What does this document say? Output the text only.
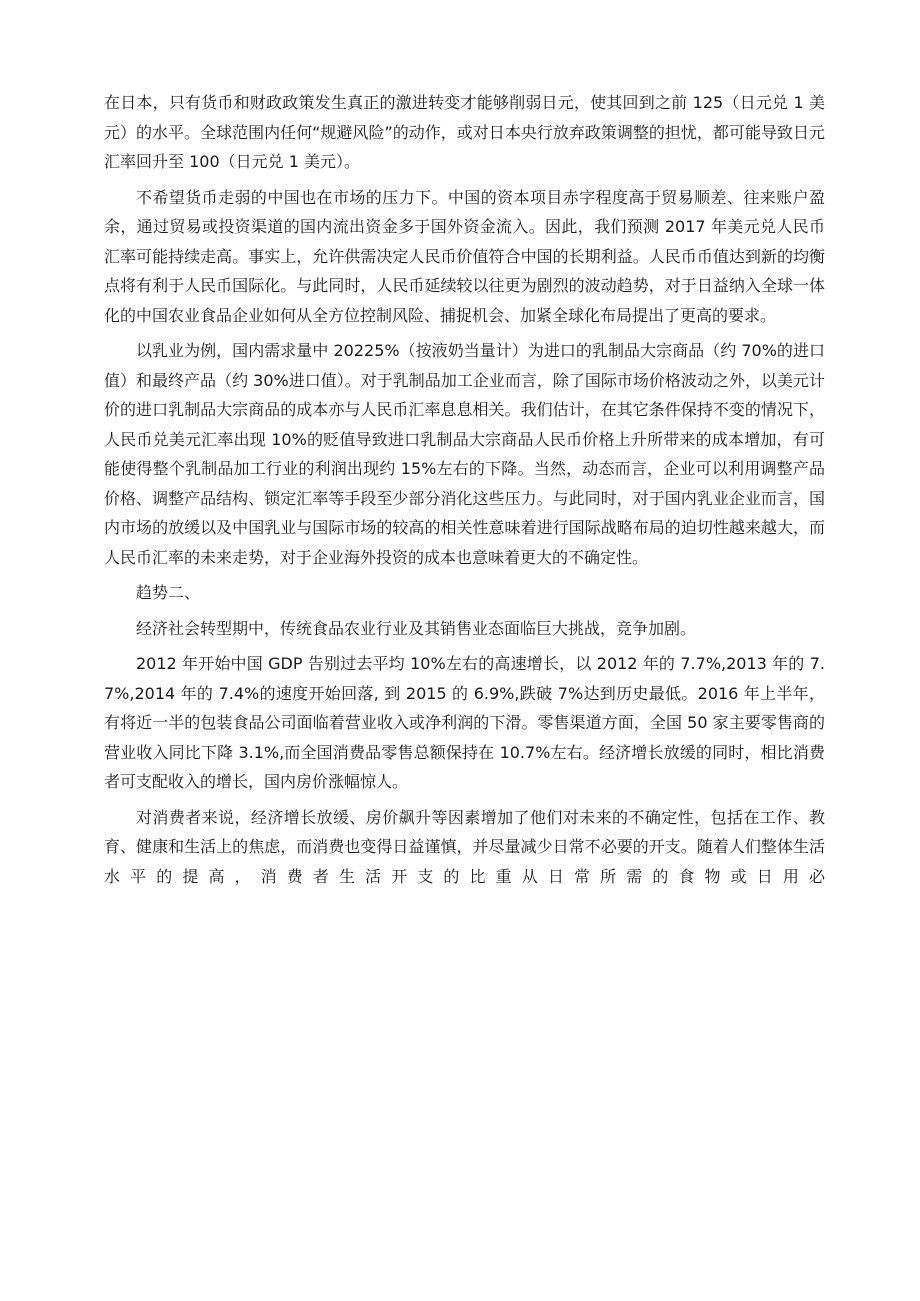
在日本，只有货币和财政政策发生真正的激进转变才能够削弱日元，使其回到之前 125（日元兑 1 美元）的水平。全球范围内任何“规避风险”的动作，或对日本央行放弃政策调整的担忧，都可能导致日元汇率回升至 100（日元兑 1 美元）。

不希望货币走弱的中国也在市场的压力下。中国的资本项目赤字程度高于贸易顺差、往来账户盈余，通过贸易或投资渠道的国内流出资金多于国外资金流入。因此，我们预测 2017 年美元兑人民币汇率可能持续走高。事实上，允许供需决定人民币价值符合中国的长期利益。人民币币值达到新的均衡点将有利于人民币国际化。与此同时，人民币延续较以往更为剧烈的波动趋势，对于日益纳入全球一体化的中国农业食品企业如何从全方位控制风险、捕捉机会、加紧全球化布局提出了更高的要求。

以乳业为例，国内需求量中 20225%（按液奶当量计）为进口的乳制品大宗商品（约 70%的进口值）和最终产品（约 30%进口值）。对于乳制品加工企业而言，除了国际市场价格波动之外，以美元计价的进口乳制品大宗商品的成本亦与人民币汇率息息相关。我们估计，在其它条件保持不变的情况下，人民币兑美元汇率出现 10%的贬值导致进口乳制品大宗商品人民币价格上升所带来的成本增加，有可能使得整个乳制品加工行业的利润出现约 15%左右的下降。当然，动态而言，企业可以利用调整产品价格、调整产品结构、锁定汇率等手段至少部分消化这些压力。与此同时，对于国内乳业企业而言，国内市场的放缓以及中国乳业与国际市场的较高的相关性意味着进行国际战略布局的迫切性越来越大，而人民币汇率的未来走势，对于企业海外投资的成本也意味着更大的不确定性。

趋势二、

经济社会转型期中，传统食品农业行业及其销售业态面临巨大挑战，竞争加剧。

2012 年开始中国 GDP 告别过去平均 10%左右的高速增长，以 2012 年的 7.7%,2013 年的 7.7%,2014 年的 7.4%的速度开始回落, 到 2015 的 6.9%,跌破 7%达到历史最低。2016 年上半年，有将近一半的包装食品公司面临着营业收入或净利润的下滑。零售渠道方面，全国 50 家主要零售商的营业收入同比下降 3.1%,而全国消费品零售总额保持在 10.7%左右。经济增长放缓的同时，相比消费者可支配收入的增长，国内房价涨幅惊人。

对消费者来说，经济增长放缓、房价飙升等因素增加了他们对未来的不确定性，包括在工作、教育、健康和生活上的焦虑，而消费也变得日益谨慎，并尽量减少日常不必要的开支。随着人们整体生活水平的提高，消费者生活开支的比重从日常所需的食物或日用必
